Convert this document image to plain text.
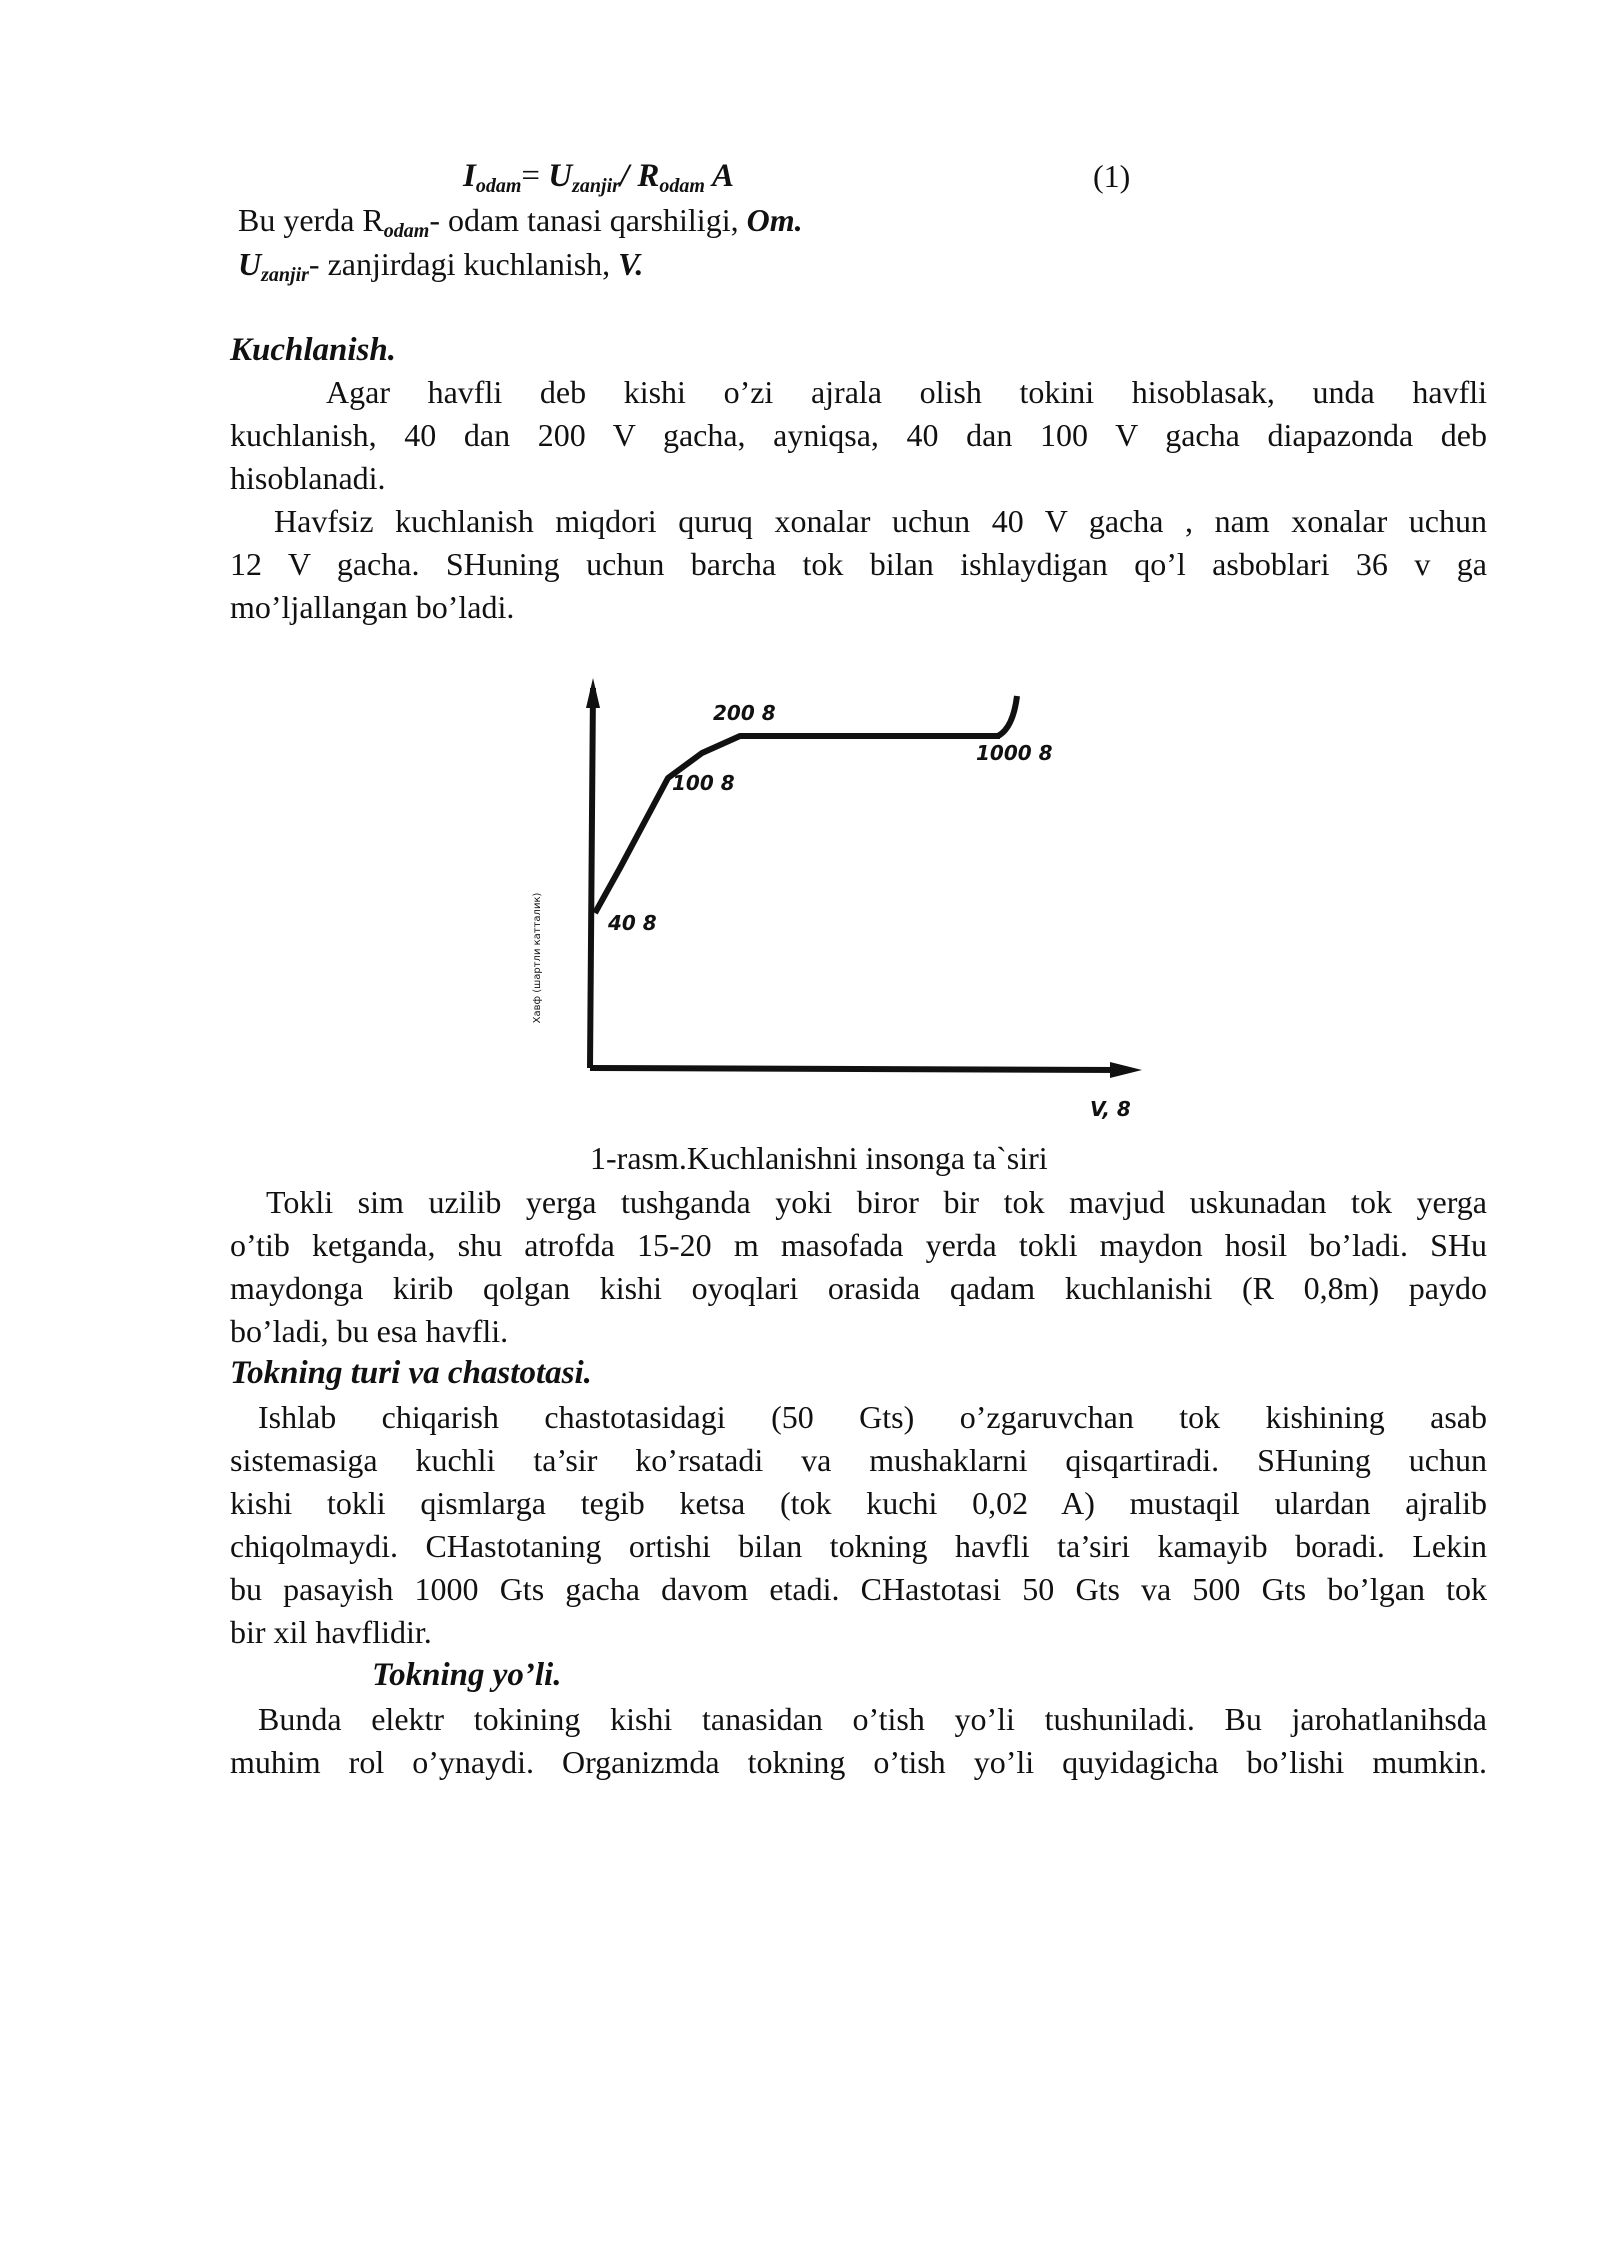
Iodam= Uzanjir/ Rodam A	(1)
Bu yerda Rodam- odam tanasi qarshiligi, Om.
Uzanjir- zanjirdagi kuchlanish, V.
Kuchlanish.
Agar havfli deb kishi o’zi ajrala olish tokini hisoblasak, unda havfli
kuchlanish, 40 dan 200 V gacha, ayniqsa, 40 dan 100 V gacha diapazonda deb
hisoblanadi.
Havfsiz kuchlanish miqdori quruq xonalar uchun 40 V gacha , nam xonalar uchun
12 V gacha. SHuning uchun barcha tok bilan ishlaydigan qo’l asboblari 36 v ga
mo’ljallangan bo’ladi.
40 8
100 8
200 8
1000 8
V, 8
Хавф (шартли катталик)
1-rasm.Kuchlanishni insonga ta`siri
Tokli sim uzilib yerga tushganda yoki biror bir tok mavjud uskunadan tok yerga
o’tib ketganda, shu atrofda 15-20 m masofada yerda tokli maydon hosil bo’ladi. SHu
maydonga kirib qolgan kishi oyoqlari orasida qadam kuchlanishi (R 0,8m) paydo
bo’ladi, bu esa havfli.
Tokning turi va chastotasi.
Ishlab chiqarish chastotasidagi (50 Gts) o’zgaruvchan tok kishining asab
sistemasiga kuchli ta’sir ko’rsatadi va mushaklarni qisqartiradi. SHuning uchun
kishi tokli qismlarga tegib ketsa (tok kuchi 0,02 A) mustaqil ulardan ajralib
chiqolmaydi. CHastotaning ortishi bilan tokning havfli ta’siri kamayib boradi. Lekin
bu pasayish 1000 Gts gacha davom etadi. CHastotasi 50 Gts va 500 Gts bo’lgan tok
bir xil havflidir.
Tokning yo’li.
Bunda elektr tokining kishi tanasidan o’tish yo’li tushuniladi. Bu jarohatlanihsda
muhim rol o’ynaydi. Organizmda tokning o’tish yo’li quyidagicha bo’lishi mumkin.
